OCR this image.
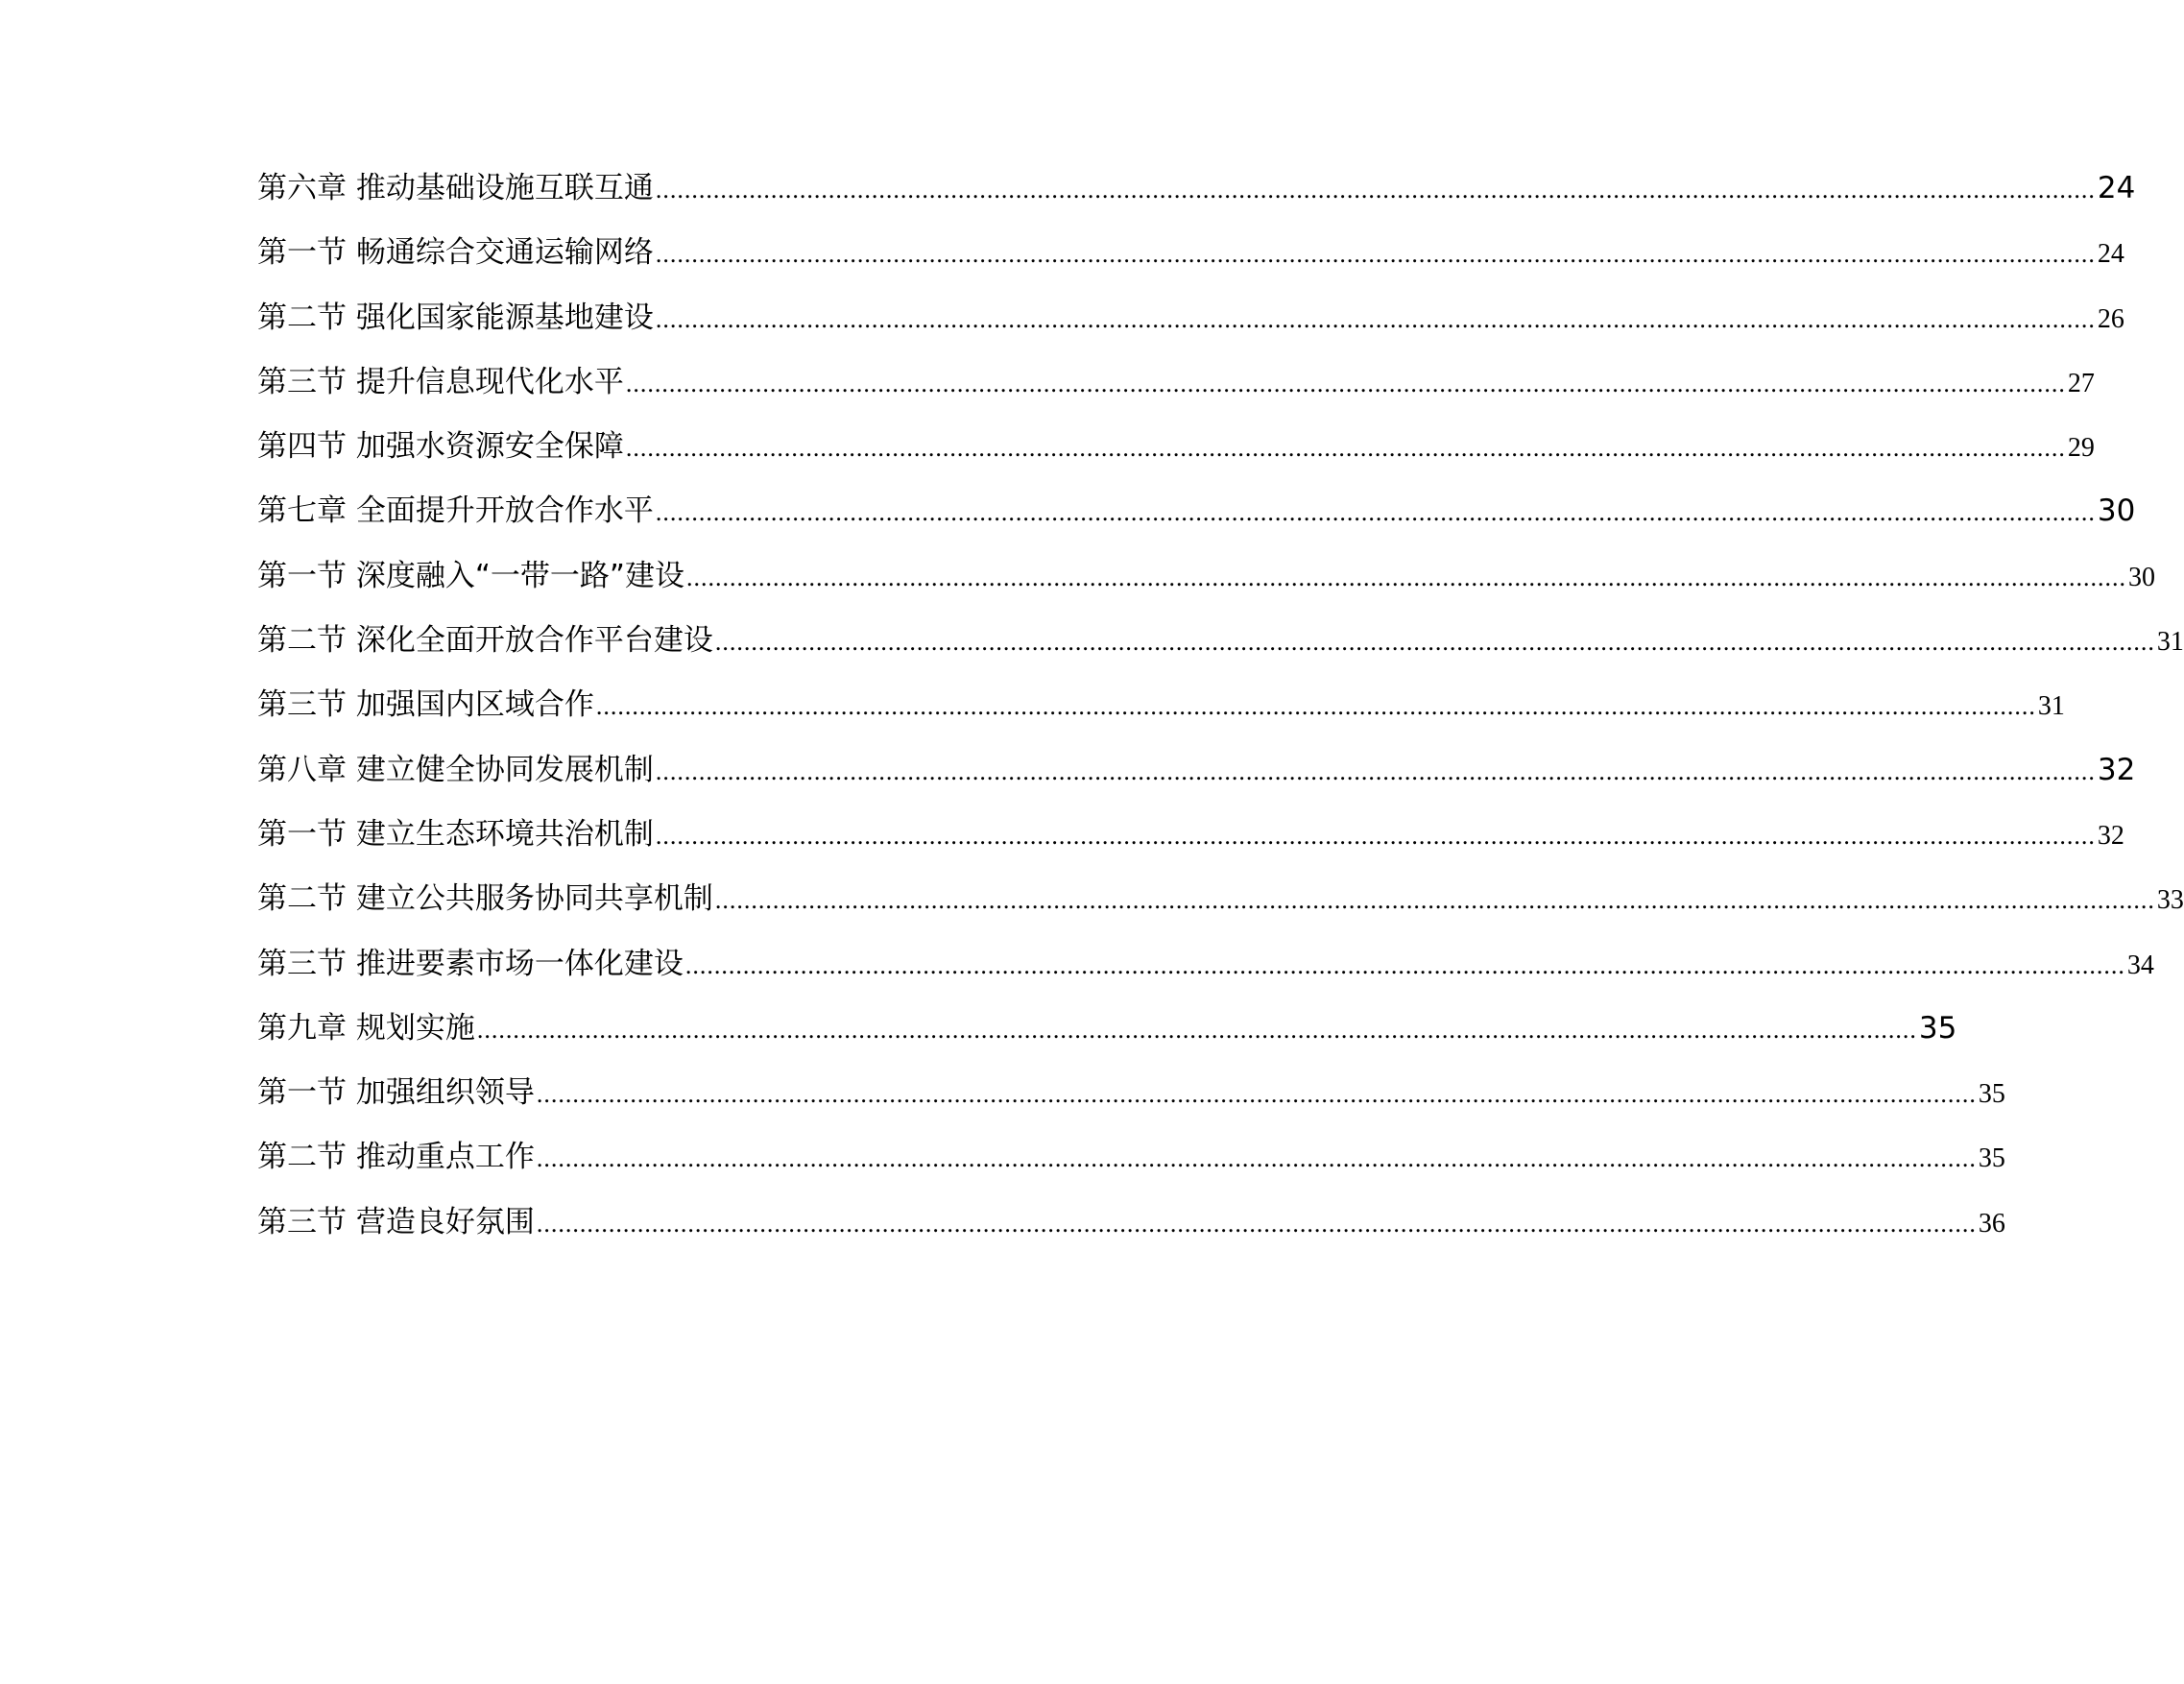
第六章 推动基础设施互联互通 ........................................................................................................................................................................................................ 24
第一节 畅通综合交通运输网络 ........................................................................................................................................................................................................ 24
第二节 强化国家能源基地建设 ........................................................................................................................................................................................................ 26
第三节 提升信息现代化水平 ........................................................................................................................................................................................................ 27
第四节 加强水资源安全保障 ........................................................................................................................................................................................................ 29
第七章 全面提升开放合作水平 ........................................................................................................................................................................................................ 30
第一节 深度融入“一带一路”建设 ........................................................................................................................................................................................................ 30
第二节 深化全面开放合作平台建设 ........................................................................................................................................................................................................ 31
第三节 加强国内区域合作 ........................................................................................................................................................................................................ 31
第八章 建立健全协同发展机制 ........................................................................................................................................................................................................ 32
第一节 建立生态环境共治机制 ........................................................................................................................................................................................................ 32
第二节 建立公共服务协同共享机制 ........................................................................................................................................................................................................ 33
第三节 推进要素市场一体化建设 ........................................................................................................................................................................................................ 34
第九章 规划实施 ........................................................................................................................................................................................................ 35
第一节 加强组织领导 ........................................................................................................................................................................................................ 35
第二节 推动重点工作 ........................................................................................................................................................................................................ 35
第三节 营造良好氛围 ........................................................................................................................................................................................................ 36
